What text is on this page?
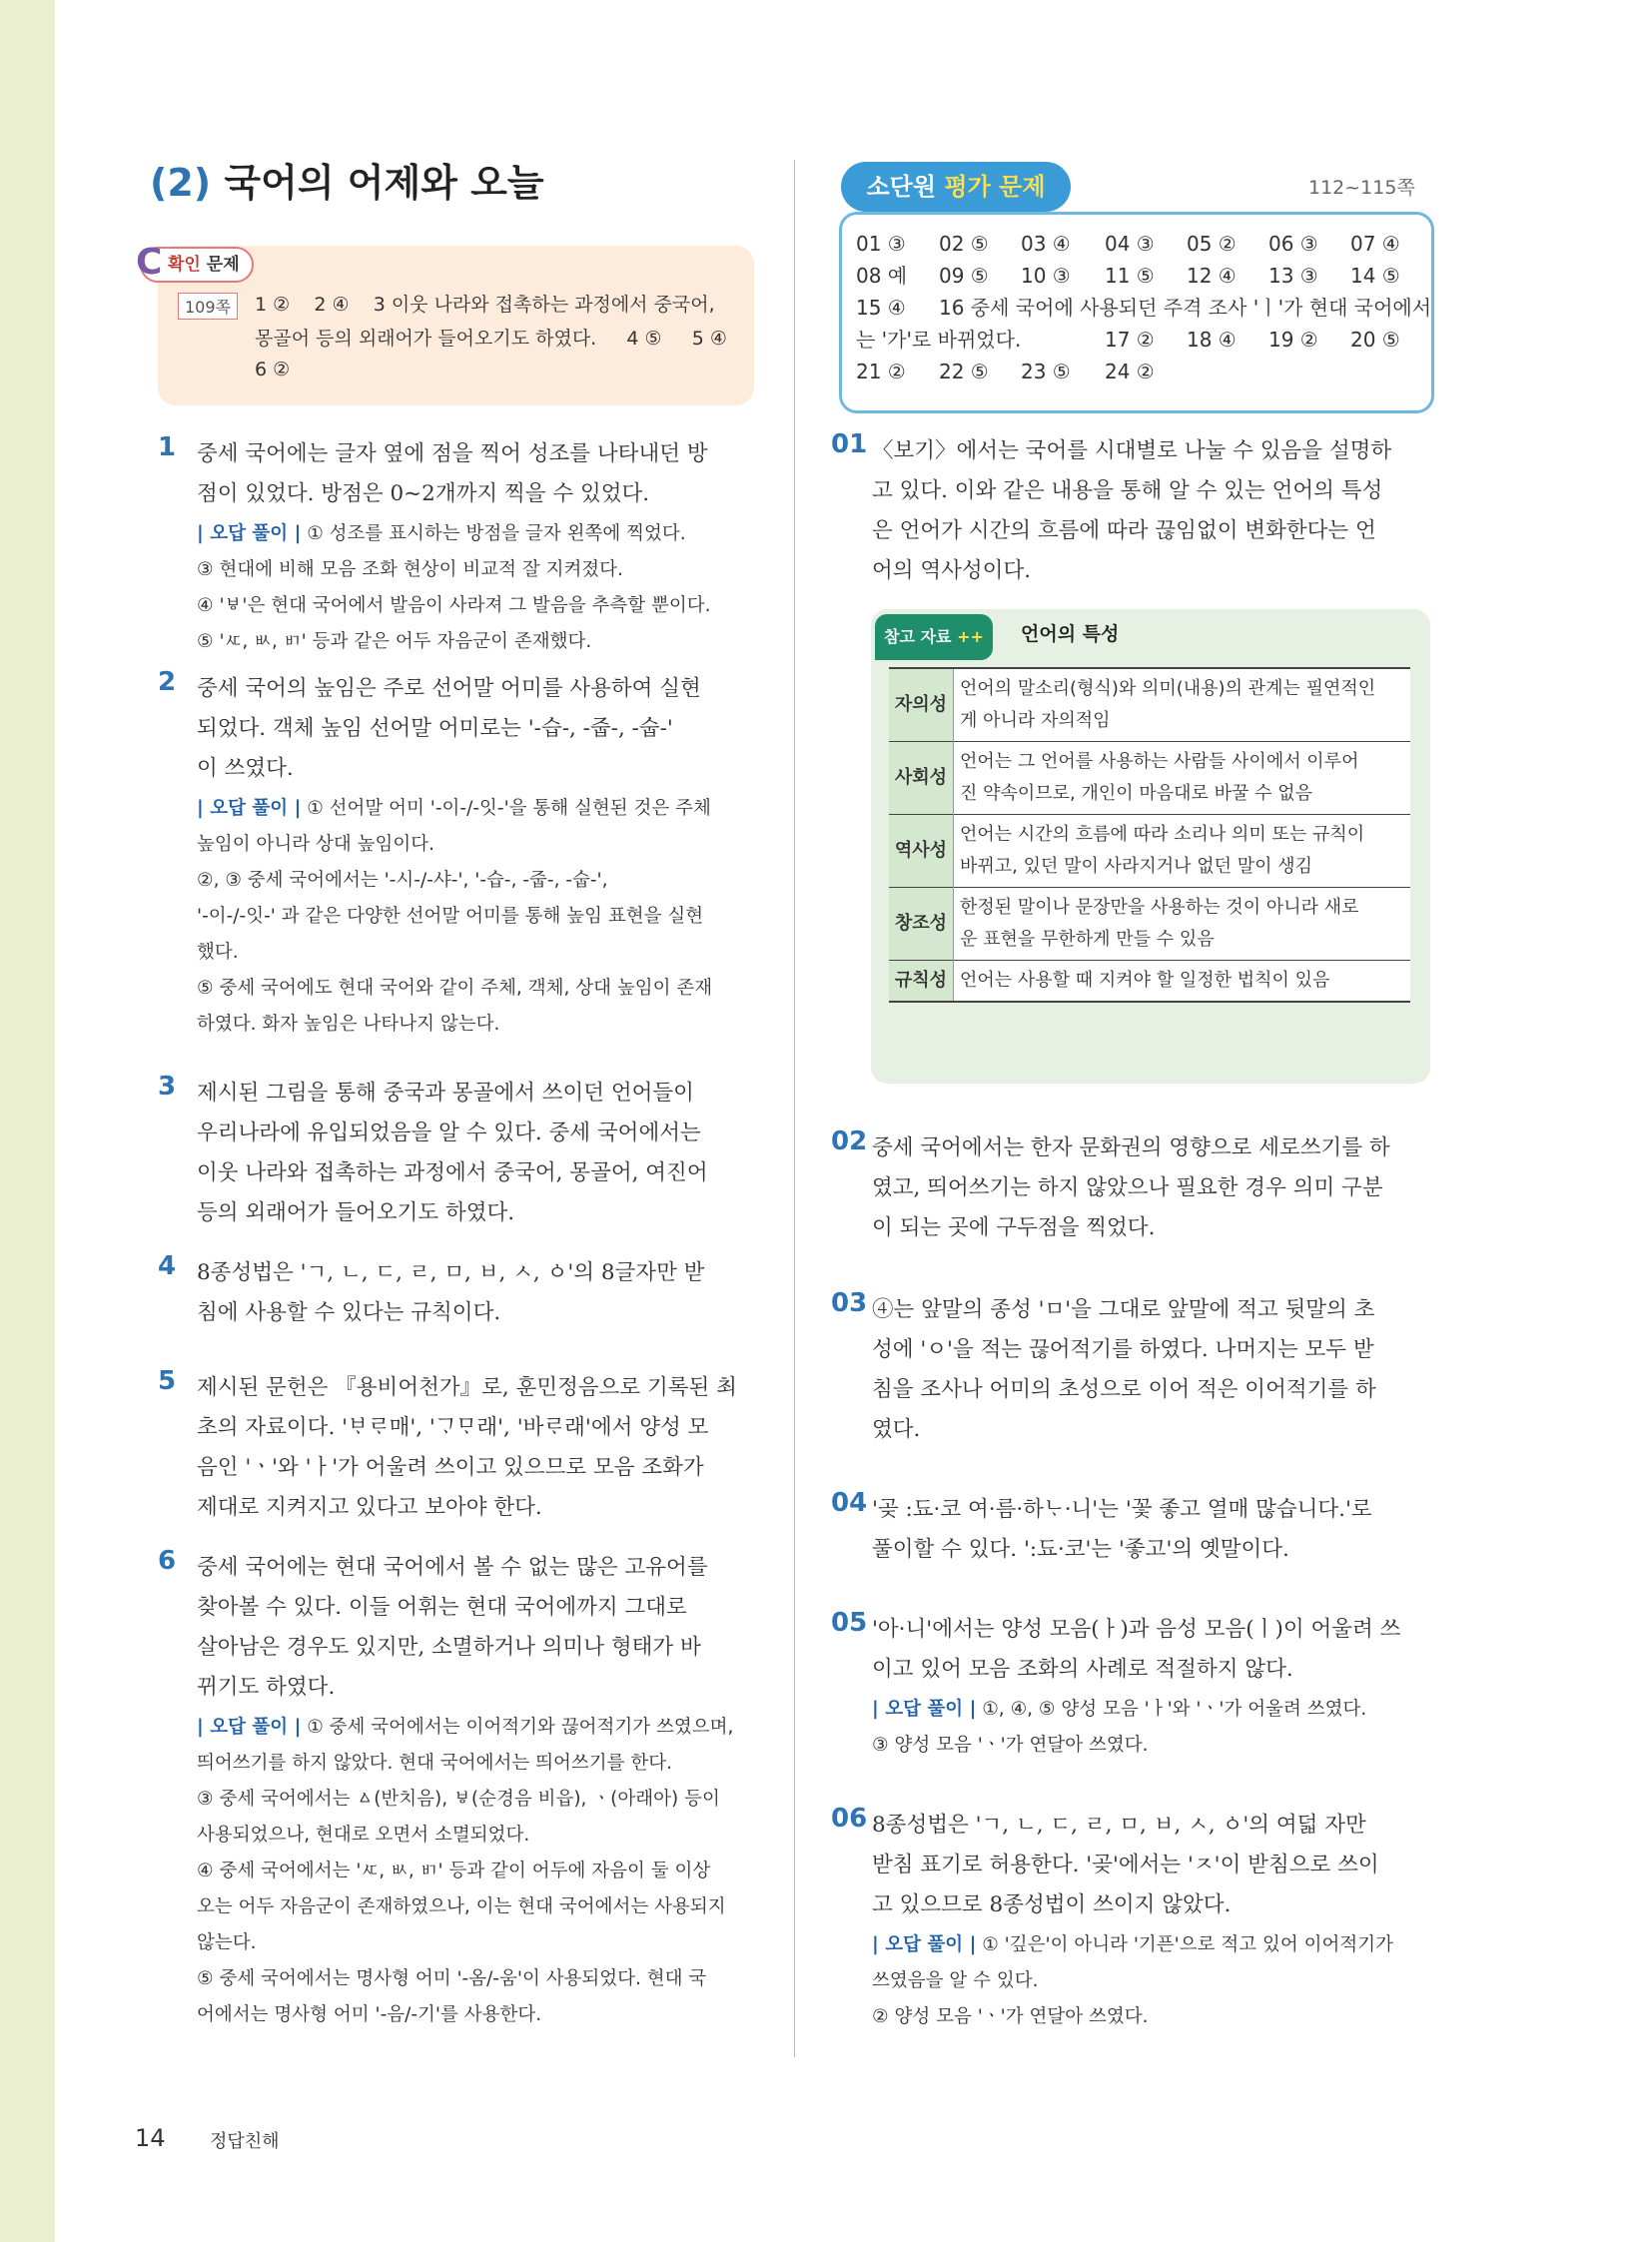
(2) 국어의 어제와 오늘
C 확인 문제
109쪽	1 ② 2 ④ 3 이웃 나라와 접촉하는 과정에서 중국어,
몽골어 등의 외래어가 들어오기도 하였다. 4 ⑤ 5 ④
6 ②
1 중세 국어에는 글자 옆에 점을 찍어 성조를 나타내던 방
점이 있었다. 방점은 0~2개까지 찍을 수 있었다.
| 오답 풀이 | ① 성조를 표시하는 방점을 글자 왼쪽에 찍었다.
③ 현대에 비해 모음 조화 현상이 비교적 잘 지켜졌다.
④ 'ㅸ'은 현대 국어에서 발음이 사라져 그 발음을 추측할 뿐이다.
⑤ 'ㅼ, ㅄ, ㅲ' 등과 같은 어두 자음군이 존재했다.
2 중세 국어의 높임은 주로 선어말 어미를 사용하여 실현
되었다. 객체 높임 선어말 어미로는 '-습-, -줍-, -숩-'
이 쓰였다.
| 오답 풀이 | ① 선어말 어미 '-이-/-잇-'을 통해 실현된 것은 주체
높임이 아니라 상대 높임이다.
②, ③ 중세 국어에서는 '-시-/-샤-', '-습-, -줍-, -숩-',
'-이-/-잇-' 과 같은 다양한 선어말 어미를 통해 높임 표현을 실현
했다.
⑤ 중세 국어에도 현대 국어와 같이 주체, 객체, 상대 높임이 존재
하였다. 화자 높임은 나타나지 않는다.
3 제시된 그림을 통해 중국과 몽골에서 쓰이던 언어들이
우리나라에 유입되었음을 알 수 있다. 중세 국어에서는
이웃 나라와 접촉하는 과정에서 중국어, 몽골어, 여진어
등의 외래어가 들어오기도 하였다.
4 8종성법은 'ㄱ, ㄴ, ㄷ, ㄹ, ㅁ, ㅂ, ㅅ, ㆁ'의 8글자만 받
침에 사용할 수 있다는 규칙이다.
5 제시된 문헌은 『용비어천가』로, 훈민정음으로 기록된 최
초의 자료이다. 'ᄇᆞᄅᆞ매', 'ᄀᆞᄆᆞ래', '바ᄅᆞ래'에서 양성 모
음인 'ㆍ'와 'ㅏ'가 어울려 쓰이고 있으므로 모음 조화가
제대로 지켜지고 있다고 보아야 한다.
6 중세 국어에는 현대 국어에서 볼 수 없는 많은 고유어를
찾아볼 수 있다. 이들 어휘는 현대 국어에까지 그대로
살아남은 경우도 있지만, 소멸하거나 의미나 형태가 바
뀌기도 하였다.
| 오답 풀이 | ① 중세 국어에서는 이어적기와 끊어적기가 쓰였으며,
띄어쓰기를 하지 않았다. 현대 국어에서는 띄어쓰기를 한다.
③ 중세 국어에서는 ㅿ(반치음), ㅸ(순경음 비읍), ㆍ(아래아) 등이
사용되었으나, 현대로 오면서 소멸되었다.
④ 중세 국어에서는 'ㅼ, ㅄ, ㅲ' 등과 같이 어두에 자음이 둘 이상
오는 어두 자음군이 존재하였으나, 이는 현대 국어에서는 사용되지
않는다.
⑤ 중세 국어에서는 명사형 어미 '-옴/-움'이 사용되었다. 현대 국
어에서는 명사형 어미 '-음/-기'를 사용한다.
소단원 평가 문제	112~115쪽
01 ③ 02 ⑤ 03 ④ 04 ③ 05 ② 06 ③ 07 ④
08 예 09 ⑤ 10 ③ 11 ⑤ 12 ④ 13 ③ 14 ⑤
15 ④ 16 중세 국어에 사용되던 주격 조사 'ㅣ'가 현대 국어에서
는 '가'로 바뀌었다.	17 ② 18 ④ 19 ② 20 ⑤
21 ② 22 ⑤ 23 ⑤ 24 ②
01 〈보기〉에서는 국어를 시대별로 나눌 수 있음을 설명하
고 있다. 이와 같은 내용을 통해 알 수 있는 언어의 특성
은 언어가 시간의 흐름에 따라 끊임없이 변화한다는 언
어의 역사성이다.
02 중세 국어에서는 한자 문화권의 영향으로 세로쓰기를 하
였고, 띄어쓰기는 하지 않았으나 필요한 경우 의미 구분
이 되는 곳에 구두점을 찍었다.
03 ④는 앞말의 종성 'ㅁ'을 그대로 앞말에 적고 뒷말의 초
성에 'ㅇ'을 적는 끊어적기를 하였다. 나머지는 모두 받
침을 조사나 어미의 초성으로 이어 적은 이어적기를 하
였다.
04 '곶 :됴·코 여·름·하ᄂᆞ·니'는 '꽃 좋고 열매 많습니다.'로
풀이할 수 있다. ':됴·코'는 '좋고'의 옛말이다.
05 '아·니'에서는 양성 모음(ㅏ)과 음성 모음(ㅣ)이 어울려 쓰
이고 있어 모음 조화의 사례로 적절하지 않다.
| 오답 풀이 | ①, ④, ⑤ 양성 모음 'ㅏ'와 'ㆍ'가 어울려 쓰였다.
③ 양성 모음 'ㆍ'가 연달아 쓰였다.
06 8종성법은 'ㄱ, ㄴ, ㄷ, ㄹ, ㅁ, ㅂ, ㅅ, ㆁ'의 여덟 자만
받침 표기로 허용한다. '곶'에서는 'ㅈ'이 받침으로 쓰이
고 있으므로 8종성법이 쓰이지 않았다.
| 오답 풀이 | ① '깊은'이 아니라 '기픈'으로 적고 있어 이어적기가
쓰였음을 알 수 있다.
② 양성 모음 'ㆍ'가 연달아 쓰였다.
참고 자료 ++	언어의 특성
자의성	언어의 말소리(형식)와 의미(내용)의 관계는 필연적인
게 아니라 자의적임

사회성	언어는 그 언어를 사용하는 사람들 사이에서 이루어
진 약속이므로, 개인이 마음대로 바꿀 수 없음

역사성	언어는 시간의 흐름에 따라 소리나 의미 또는 규칙이
바뀌고, 있던 말이 사라지거나 없던 말이 생김

창조성	한정된 말이나 문장만을 사용하는 것이 아니라 새로
운 표현을 무한하게 만들 수 있음

규칙성	언어는 사용할 때 지켜야 할 일정한 법칙이 있음
14 정답친해
